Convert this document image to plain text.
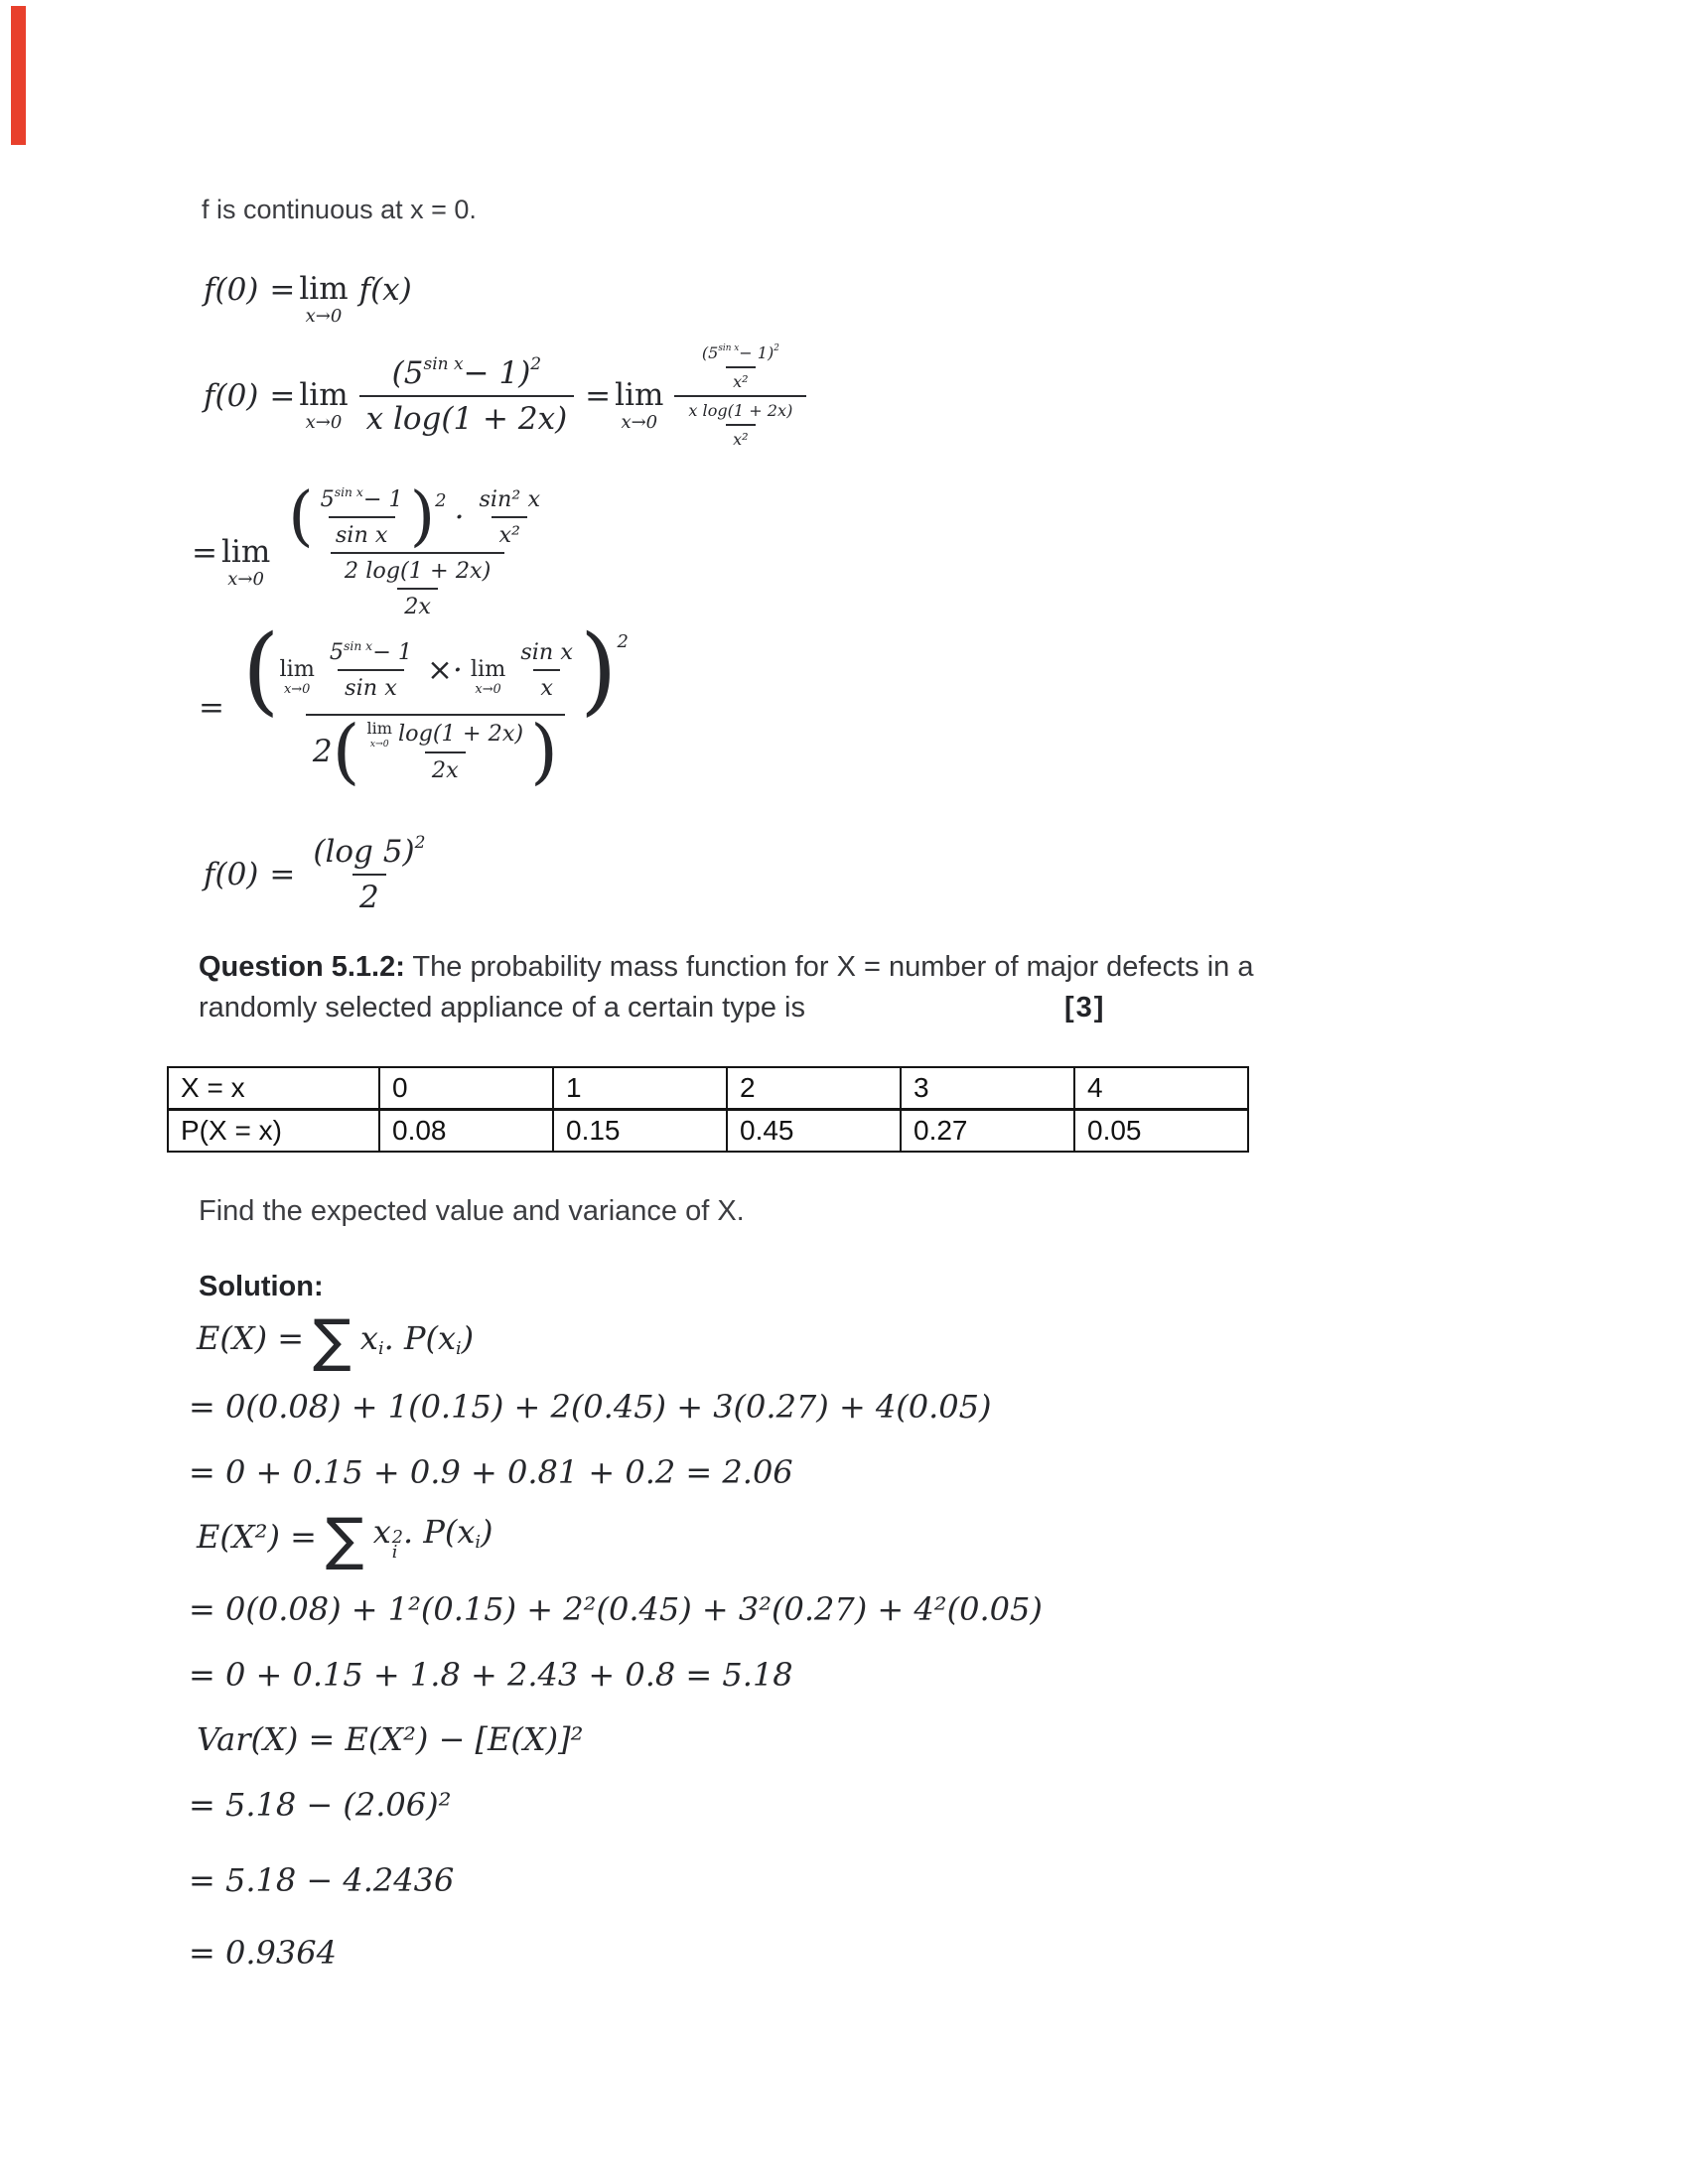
f is continuous at x = 0.
f(0) = lim
x→0
f(x)
f(0) = lim
$x\to 0 \frac{\text{(5 sin x − 1) 2}}{\text{x log(1 + 2x)}} = \lim$
$x\to 0 \frac{\frac{\text{(5 sin x − 1) 2}}{\text{x²}}}{\frac{\text{x log(1 + 2x)}}{\text{x²}}}$
= lim
x→0
( $\frac{\text{5 sin x − 1}}{\text{sin x}}$ ) $2 \cdot \frac{\text{sin² x}}{\text{x²}}$
$\frac{2 \log(1 + 2x)}{2x}$
= ( lim
$x\to 0 \frac{\text{5 sin x − 1}}{\text{sin x}} \times\cdot \lim$
$x\to 0 \frac{\text{sin x}}{x}$ ) 2
2 ( lim
x→0 log(1 + 2x)
2x )
$f(0) = \frac{(\log 5) 2}{2}$
Question 5.1.2: The probability mass function for X = number of major defects in a
randomly selected appliance of a certain type is	[3]
X = x	0	1	2	3	4
P(X = x)	0.08	0.15	0.45	0.27	0.05
Find the expected value and variance of X.
Solution:
E(X) = ∑ xi. P(xi)
= 0(0.08) + 1(0.15) + 2(0.45) + 3(0.27) + 4(0.05)
= 0 + 0.15 + 0.9 + 0.81 + 0.2 = 2.06
E(X²) = ∑ x 2
i
. P(xi)
= 0(0.08) + 1²(0.15) + 2²(0.45) + 3²(0.27) + 4²(0.05)
= 0 + 0.15 + 1.8 + 2.43 + 0.8 = 5.18
Var(X) = E(X²) − [E(X)]²
= 5.18 − (2.06)²
= 5.18 − 4.2436
= 0.9364
